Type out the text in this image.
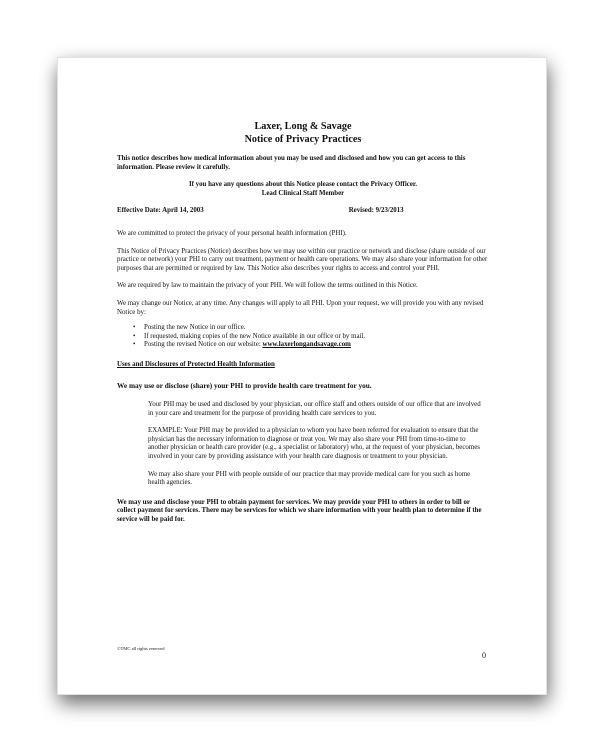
Laxer, Long & Savage

Notice of Privacy Practices

This notice describes how medical information about you may be used and disclosed and how you can get access to this information. Please review it carefully.

If you have any questions about this Notice please contact the Privacy Officer.

Lead Clinical Staff Member

Effective Date: April 14, 2003	Revised: 9/23/2013

We are committed to protect the privacy of your personal health information (PHI).

This Notice of Privacy Practices (Notice) describes how we may use within our practice or network and disclose (share outside of our practice or network) your PHI to carry out treatment, payment or health care operations. We may also share your information for other purposes that are permitted or required by law. This Notice also describes your rights to access and control your PHI.

We are required by law to maintain the privacy of your PHI. We will follow the terms outlined in this Notice.

We may change our Notice, at any time. Any changes will apply to all PHI. Upon your request, we will provide you with any revised Notice by:

• Posting the new Notice in our office.
• If requested, making copies of the new Notice available in our office or by mail.
• Posting the revised Notice on our website: www.laxerlongandsavage.com

Uses and Disclosures of Protected Health Information

We may use or disclose (share) your PHI to provide health care treatment for you.

Your PHI may be used and disclosed by your physician, our office staff and others outside of our office that are involved in your care and treatment for the purpose of providing health care services to you.

EXAMPLE: Your PHI may be provided to a physician to whom you have been referred for evaluation to ensure that the physician has the necessary information to diagnose or treat you. We may also share your PHI from time-to-time to another physician or health care provider (e.g., a specialist or laboratory) who, at the request of your physician, becomes involved in your care by providing assistance with your health care diagnosis or treatment to your physician.

We may also share your PHI with people outside of our practice that may provide medical care for you such as home health agencies.

We may use and disclose your PHI to obtain payment for services. We may provide your PHI to others in order to bill or collect payment for services. There may be services for which we share information with your health plan to determine if the service will be paid for.

©TMC all rights reserved
0
